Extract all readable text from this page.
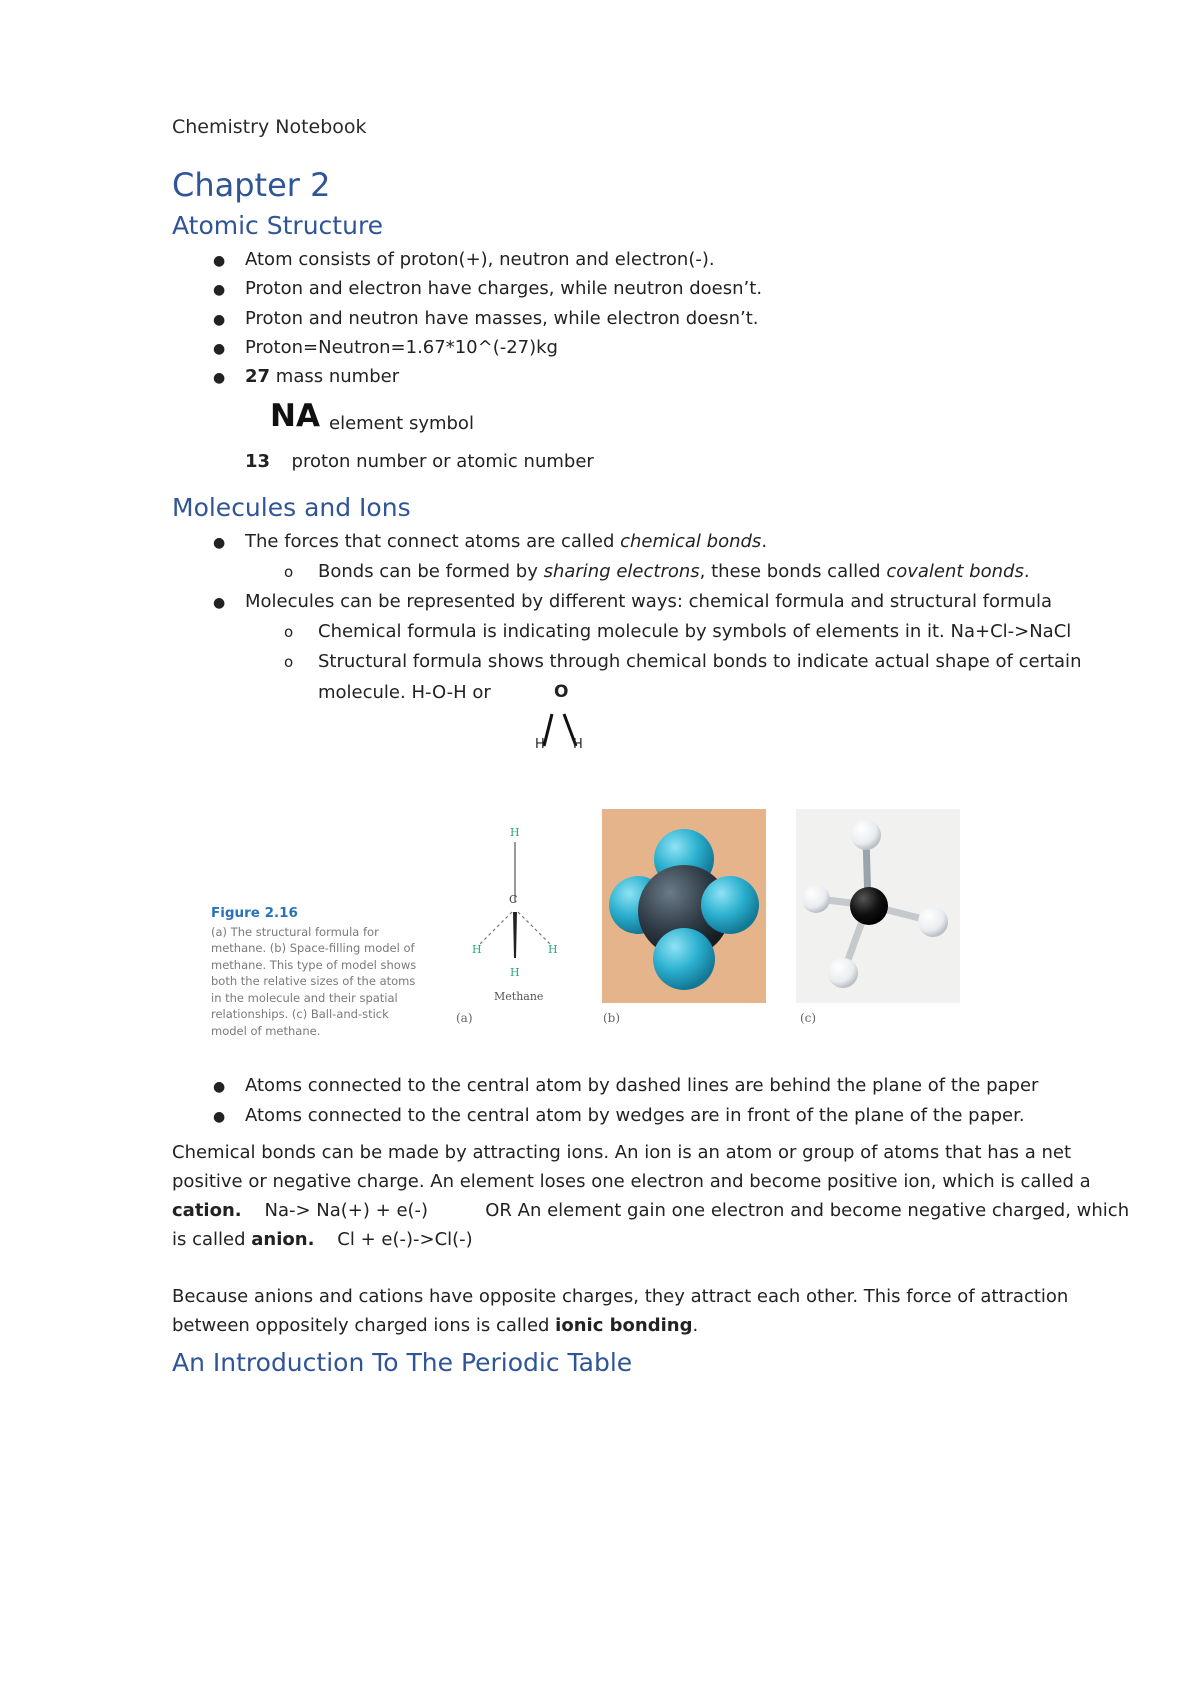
Chemistry Notebook
Chapter 2
Atomic Structure
● Atom consists of proton(+), neutron and electron(-).
● Proton and electron have charges, while neutron doesn’t.
● Proton and neutron have masses, while electron doesn’t.
● Proton=Neutron=1.67*10^(-27)kg
● 27 mass number
NA element symbol
13 proton number or atomic number
Molecules and Ions
● The forces that connect atoms are called chemical bonds.
o Bonds can be formed by sharing electrons, these bonds called covalent bonds.
● Molecules can be represented by different ways: chemical formula and structural formula
o Chemical formula is indicating molecule by symbols of elements in it. Na+Cl->NaCl
o Structural formula shows through chemical bonds to indicate actual shape of certain
molecule. H-O-H or	O
H H
Figure 2.16
(a) The structural formula for methane. (b) Space-filling model of methane. This type of model shows both the relative sizes of the atoms in the molecule and their spatial relationships. (c) Ball-and-stick model of methane.
H
C
H	H
H
Methane
(a)	(b)	(c)
● Atoms connected to the central atom by dashed lines are behind the plane of the paper
● Atoms connected to the central atom by wedges are in front of the plane of the paper.

Chemical bonds can be made by attracting ions. An ion is an atom or group of atoms that has a net positive or negative charge. An element loses one electron and become positive ion, which is called a cation.    Na-> Na(+) + e(-)          OR An element gain one electron and become negative charged, which is called anion.    Cl + e(-)->Cl(-)

Because anions and cations have opposite charges, they attract each other. This force of attraction between oppositely charged ions is called ionic bonding.

An Introduction To The Periodic Table
